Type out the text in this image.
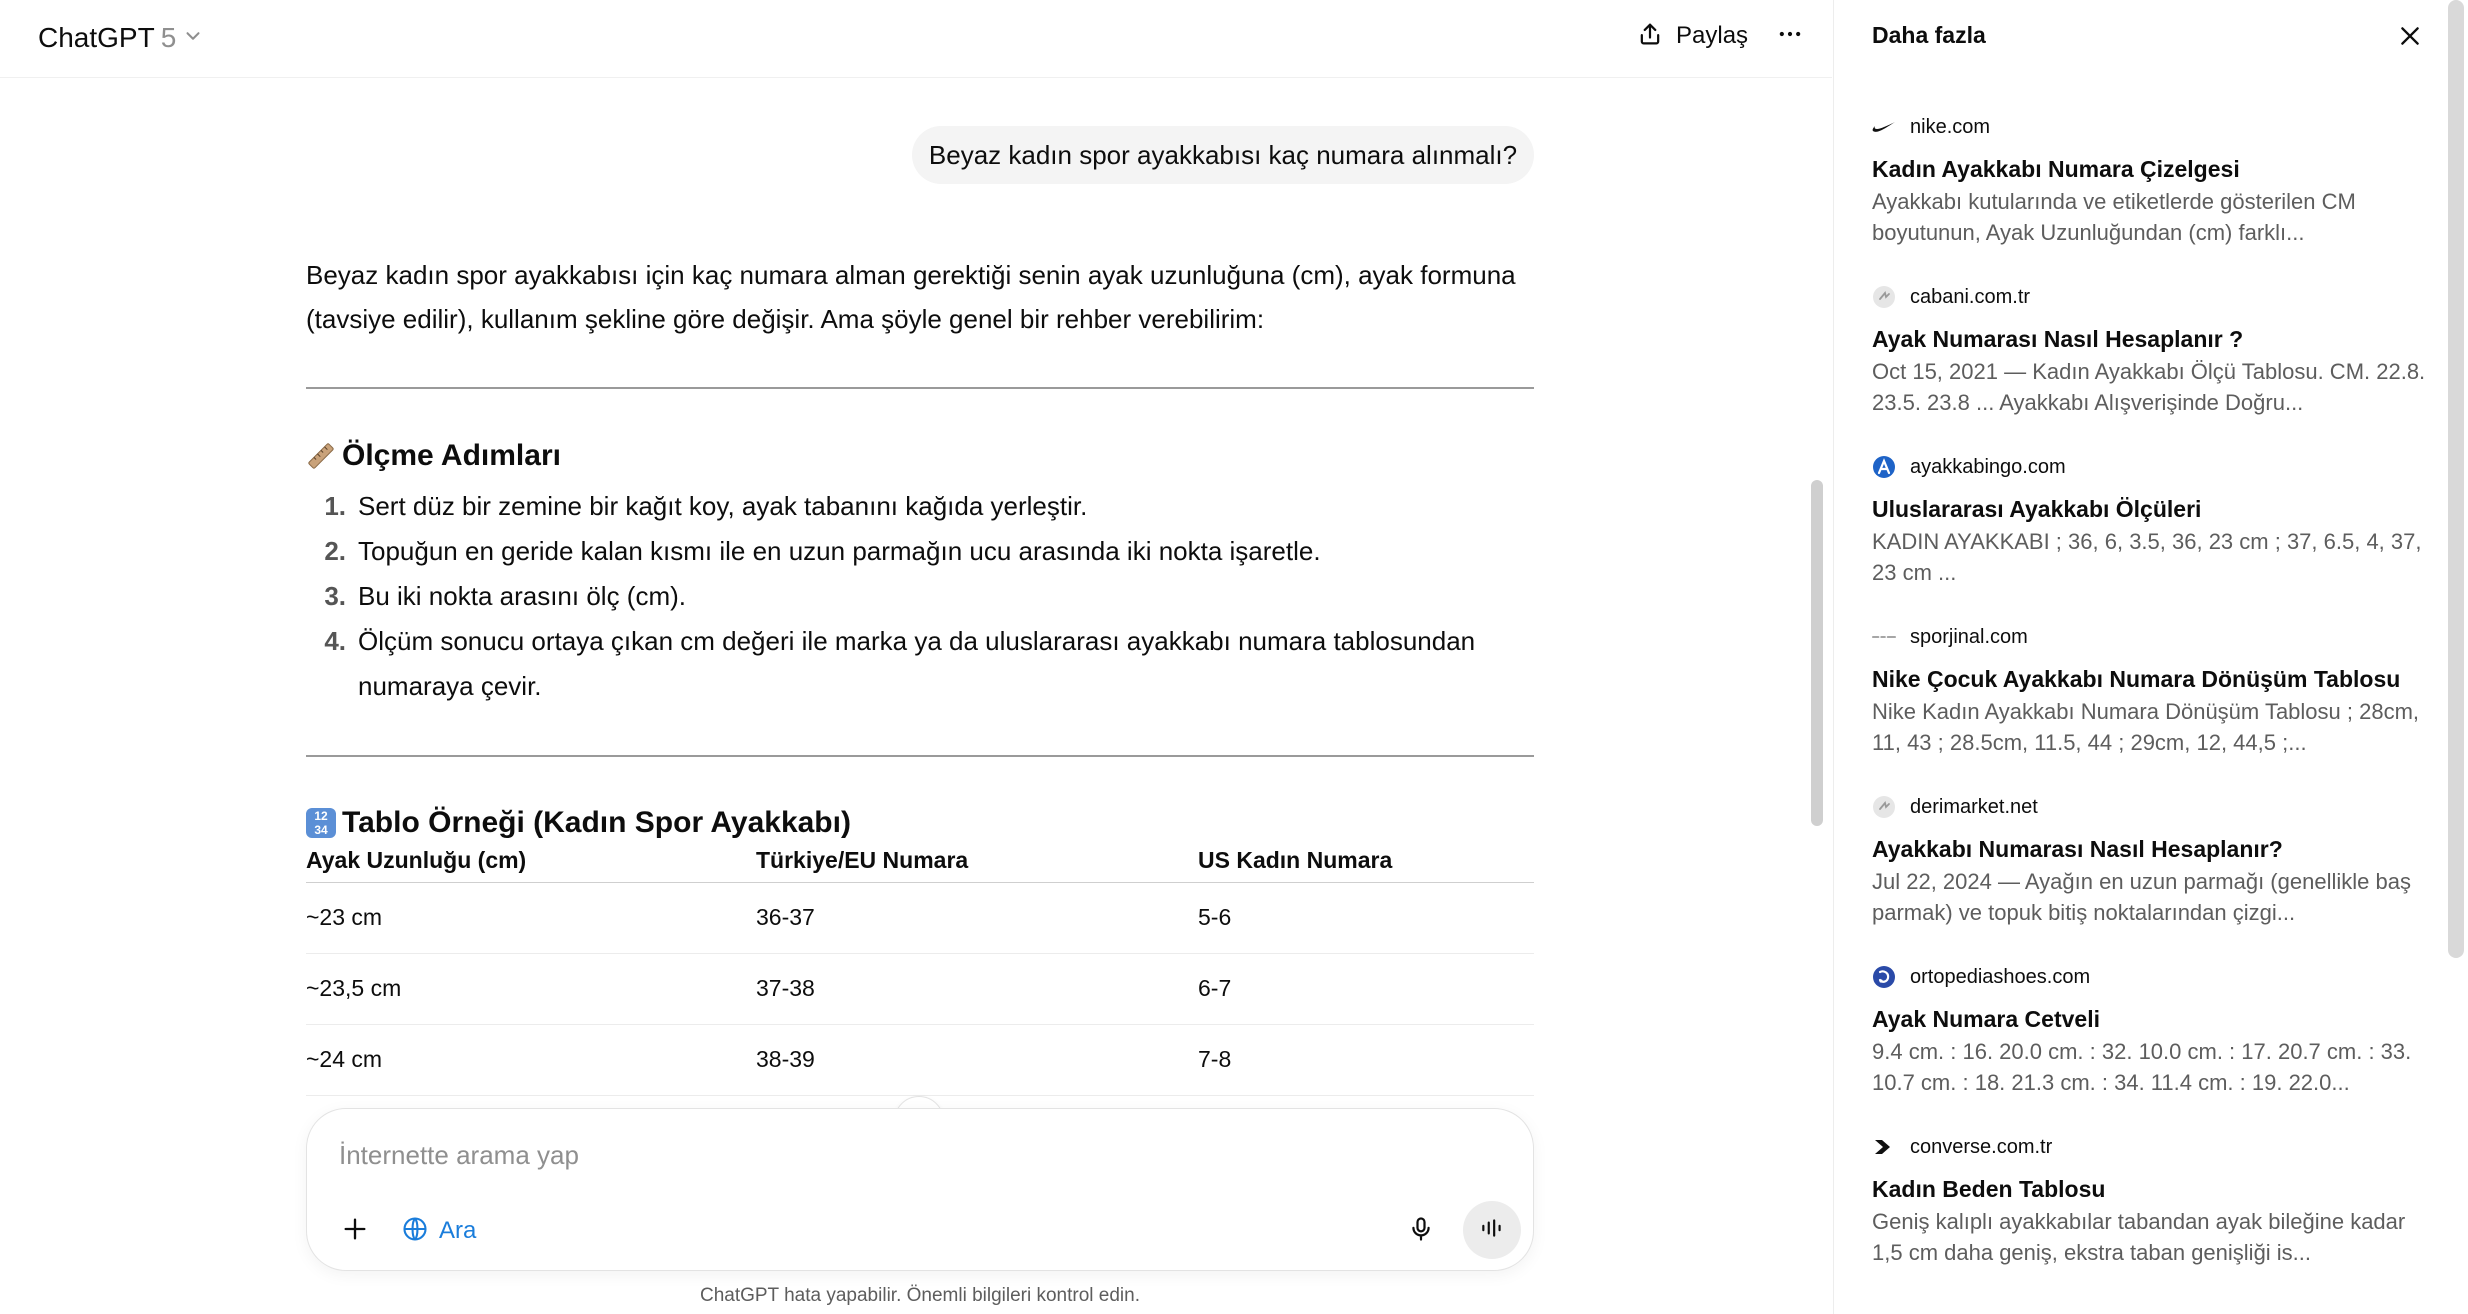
ChatGPT 5	Paylaş
Beyaz kadın spor ayakkabısı kaç numara alınmalı?
Beyaz kadın spor ayakkabısı için kaç numara alman gerektiği senin ayak uzunluğuna (cm), ayak formuna (tavsiye edilir), kullanım şekline göre değişir. Ama şöyle genel bir rehber verebilirim:
Ölçme Adımları
1. Sert düz bir zemine bir kağıt koy, ayak tabanını kağıda yerleştir.
2. Topuğun en geride kalan kısmı ile en uzun parmağın ucu arasında iki nokta işaretle.
3. Bu iki nokta arasını ölç (cm).
4. Ölçüm sonucu ortaya çıkan cm değeri ile marka ya da uluslararası ayakkabı numara tablosundan numaraya çevir.
12
34 Tablo Örneği (Kadın Spor Ayakkabı)
Ayak Uzunluğu (cm)	Türkiye/EU Numara	US Kadın Numara
~23 cm	36-37	5-6
~23,5 cm	37-38	6-7
~24 cm	38-39	7-8
İnternette arama yap
Ara
ChatGPT hata yapabilir. Önemli bilgileri kontrol edin.
Daha fazla
nike.com
Kadın Ayakkabı Numara Çizelgesi
Ayakkabı kutularında ve etiketlerde gösterilen CM boyutunun, Ayak Uzunluğundan (cm) farklı...
cabani.com.tr
Ayak Numarası Nasıl Hesaplanır ?
Oct 15, 2021 — Kadın Ayakkabı Ölçü Tablosu. CM. 22.8. 23.5. 23.8 ... Ayakkabı Alışverişinde Doğru...
ayakkabingo.com
Uluslararası Ayakkabı Ölçüleri
KADIN AYAKKABI ; 36, 6, 3.5, 36, 23 cm ; 37, 6.5, 4, 37, 23 cm ...
sporjinal.com
Nike Çocuk Ayakkabı Numara Dönüşüm Tablosu
Nike Kadın Ayakkabı Numara Dönüşüm Tablosu ; 28cm, 11, 43 ; 28.5cm, 11.5, 44 ; 29cm, 12, 44,5 ;...
derimarket.net
Ayakkabı Numarası Nasıl Hesaplanır?
Jul 22, 2024 — Ayağın en uzun parmağı (genellikle baş parmak) ve topuk bitiş noktalarından çizgi...
ortopediashoes.com
Ayak Numara Cetveli
9.4 cm. : 16. 20.0 cm. : 32. 10.0 cm. : 17. 20.7 cm. : 33. 10.7 cm. : 18. 21.3 cm. : 34. 11.4 cm. : 19. 22.0...
converse.com.tr
Kadın Beden Tablosu
Geniş kalıplı ayakkabılar tabandan ayak bileğine kadar 1,5 cm daha geniş, ekstra taban genişliği is...
